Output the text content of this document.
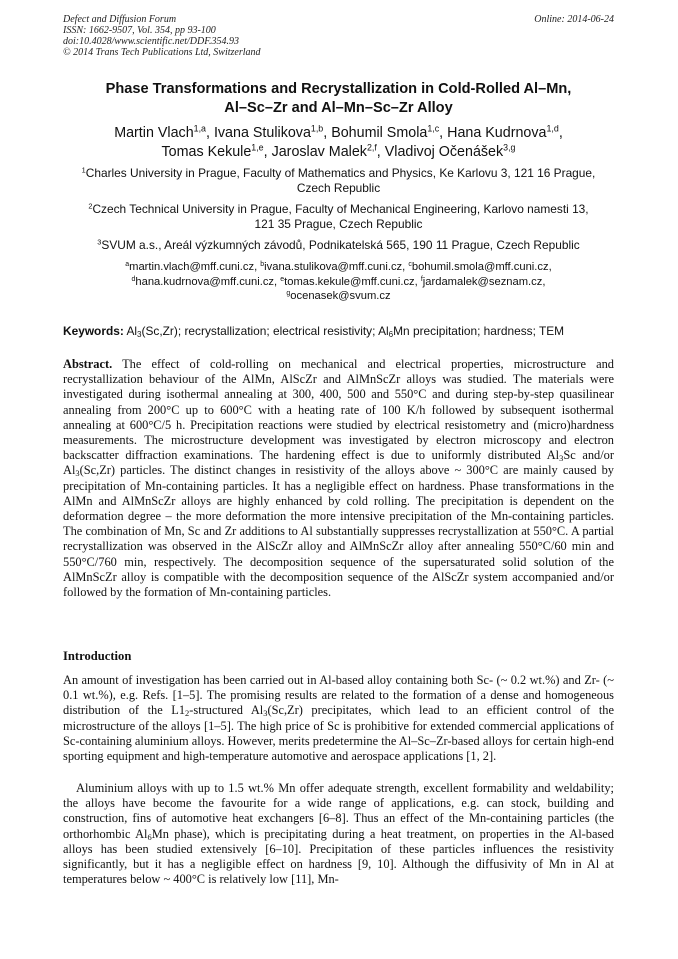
Defect and Diffusion Forum
ISSN: 1662-9507, Vol. 354, pp 93-100
doi:10.4028/www.scientific.net/DDF.354.93
© 2014 Trans Tech Publications Ltd, Switzerland
Online: 2014-06-24
Phase Transformations and Recrystallization in Cold-Rolled Al–Mn,
Al–Sc–Zr and Al–Mn–Sc–Zr Alloy
Martin Vlach$^{1,a}$, Ivana Stulikova$^{1,b}$, Bohumil Smola$^{1,c}$, Hana Kudrnova$^{1,d}$,
Tomas Kekule$^{1,e}$, Jaroslav Malek$^{2,f}$, Vladivoj Očenášek$^{3,g}$
$^1$Charles University in Prague, Faculty of Mathematics and Physics, Ke Karlovu 3, 121 16 Prague,
Czech Republic
$^2$Czech Technical University in Prague, Faculty of Mechanical Engineering, Karlovo namesti 13,
121 35 Prague, Czech Republic
$^3$SVUM a.s., Areál výzkumných závodů, Podnikatelská 565, 190 11 Prague, Czech Republic
$^a$martin.vlach@mff.cuni.cz, $^b$ivana.stulikova@mff.cuni.cz, $^c$bohumil.smola@mff.cuni.cz,
$^d$hana.kudrnova@mff.cuni.cz, $^e$tomas.kekule@mff.cuni.cz, $^f$jardamalek@seznam.cz,
$^g$ocenasek@svum.cz
Keywords: $Al_3(Sc,Zr)$; recrystallization; electrical resistivity; $Al_6Mn$ precipitation; hardness; TEM

Abstract. The effect of cold-rolling on mechanical and electrical properties, microstructure and recrystallization behaviour of the AlMn, AlScZr and AlMnScZr alloys was studied. The materials were investigated during isothermal annealing at 300, 400, 500 and 550°C and during step-by-step quasilinear annealing from 200°C up to 600°C with a heating rate of 100 K/h followed by subsequent isothermal annealing at 600°C/5 h. Precipitation reactions were studied by electrical resistometry and (micro)hardness measurements. The microstructure development was investigated by electron microscopy and electron backscatter diffraction examinations. The hardening effect is due to uniformly distributed $Al_3Sc$ and/or $Al_3(Sc,Zr)$ particles. The distinct changes in resistivity of the alloys above ~ 300°C are mainly caused by precipitation of Mn-containing particles. It has a negligible effect on hardness. Phase transformations in the AlMn and AlMnScZr alloys are highly enhanced by cold rolling. The precipitation is dependent on the deformation degree – the more deformation the more intensive precipitation of the Mn-containing particles. The combination of Mn, Sc and Zr additions to Al substantially suppresses recrystallization at 550°C. A partial recrystallization was observed in the AlScZr alloy and AlMnScZr alloy after annealing 550°C/60 min and 550°C/760 min, respectively. The decomposition sequence of the supersaturated solid solution of the AlMnScZr alloy is compatible with the decomposition sequence of the AlScZr system accompanied and/or followed by the formation of Mn-containing particles.

Introduction

An amount of investigation has been carried out in Al-based alloy containing both Sc- (~ 0.2 wt.%) and Zr- (~ 0.1 wt.%), e.g. Refs. [1–5]. The promising results are related to the formation of a dense and homogeneous distribution of the $L1_2$-structured $Al_3(Sc,Zr)$ precipitates, which lead to an efficient control of the microstructure of the alloys [1–5]. The high price of Sc is prohibitive for extended commercial applications of Sc-containing aluminium alloys. However, merits predetermine the Al–Sc–Zr-based alloys for certain high-end sporting equipment and high-temperature automotive and aerospace applications [1, 2].

Aluminium alloys with up to 1.5 wt.% Mn offer adequate strength, excellent formability and weldability; the alloys have become the favourite for a wide range of applications, e.g. can stock, building and construction, fins of automotive heat exchangers [6–8]. Thus an effect of the Mn-containing particles (the orthorhombic $Al_6Mn$ phase), which is precipitating during a heat treatment, on properties in the Al-based alloys has been studied extensively [6–10]. Precipitation of these particles influences the resistivity significantly, but it has a negligible effect on hardness [9, 10]. Although the diffusivity of Mn in Al at temperatures below ~ 400°C is relatively low [11], Mn-
